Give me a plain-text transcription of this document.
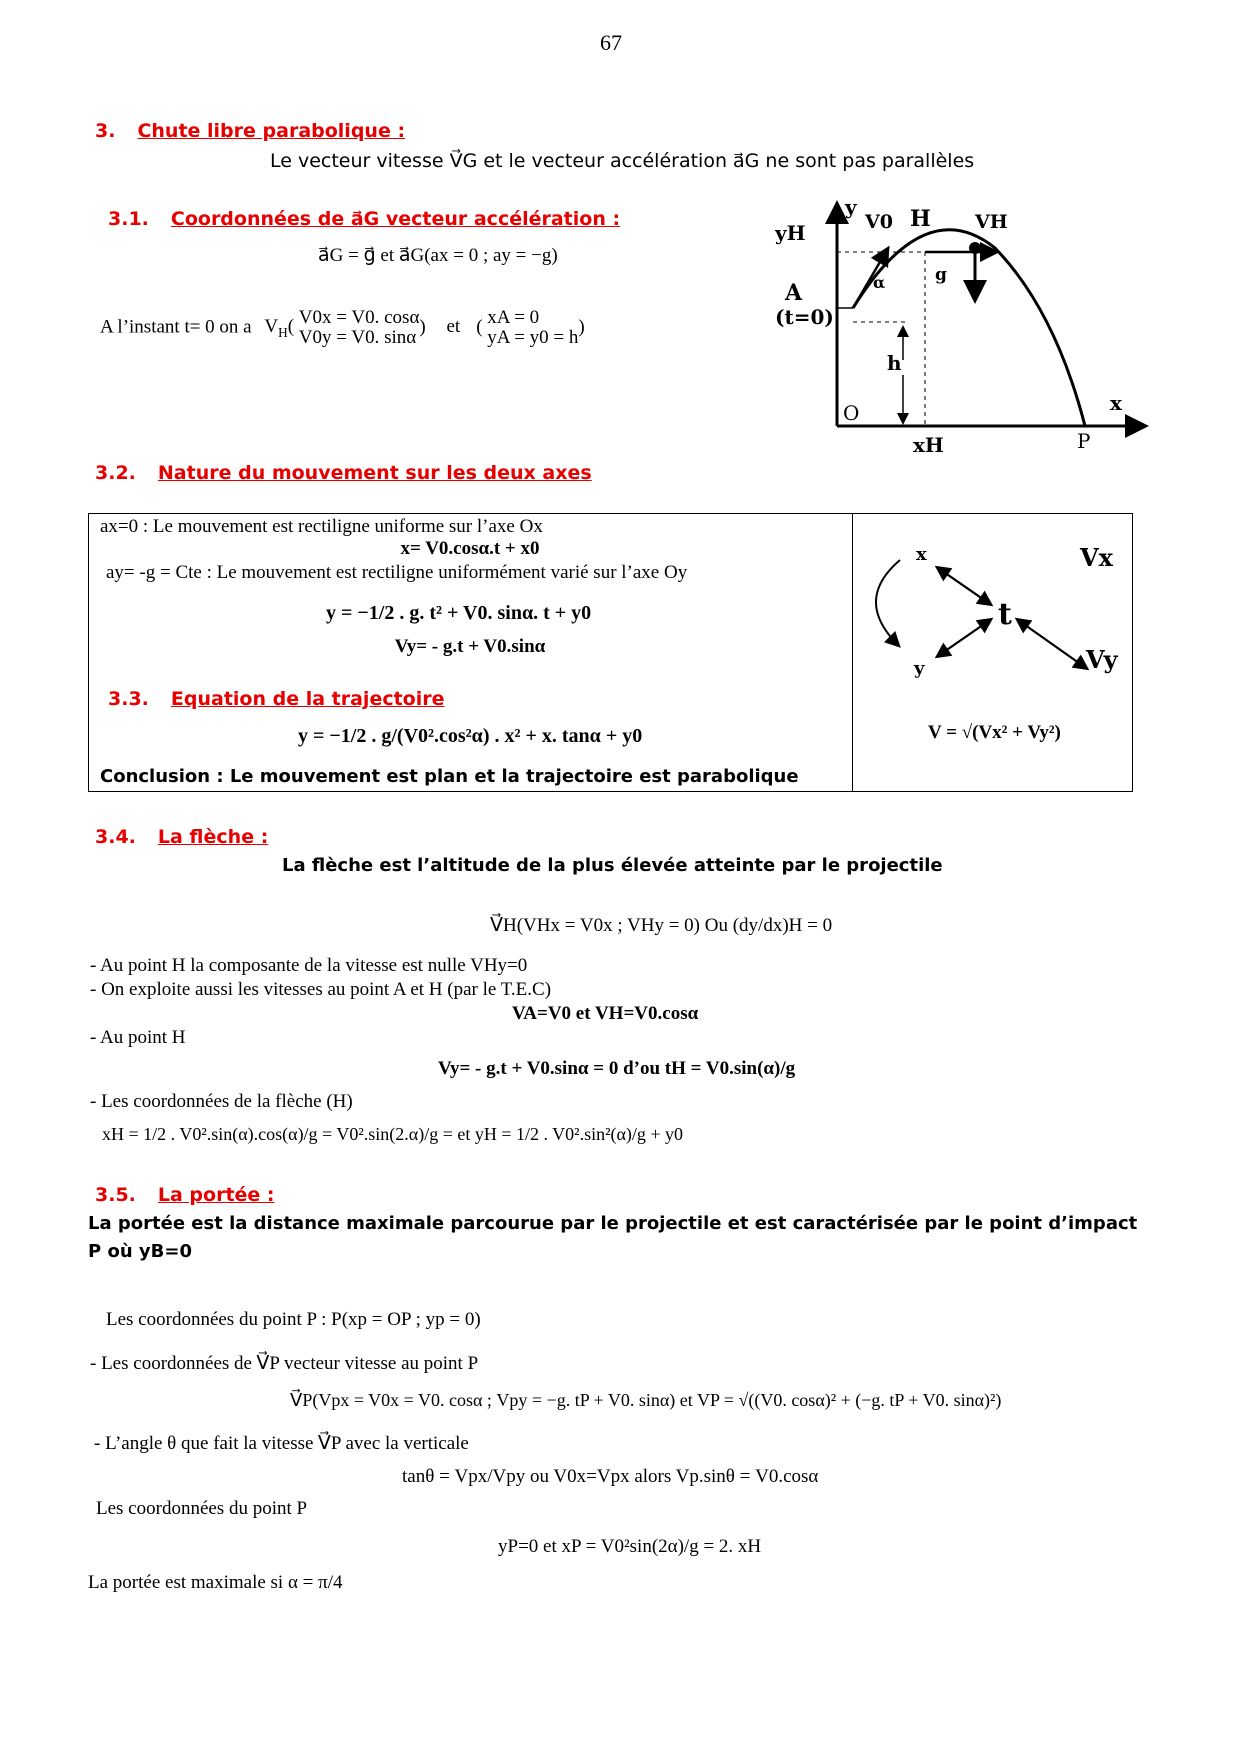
67
3. Chute libre parabolique :
Le vecteur vitesse V⃗G et le vecteur accélération a⃗G ne sont pas parallèles
3.1. Coordonnées de a⃗G vecteur accélération :
a⃗G = g⃗ et a⃗G(ax = 0 ; ay = −g)
A l’instant t= 0 on a $V_H$( V0x = V0. cosα
V0y = V0. sinα
) et ( xA = 0
yA = y0 = h
)
y
yH
H
V0	VH
α	g
A
(t=0)
h
O	x
xH	P
3.2. Nature du mouvement sur les deux axes
ax=0 : Le mouvement est rectiligne uniforme sur l’axe Ox
x= V0.cosα.t + x0
ay= -g = Cte : Le mouvement est rectiligne uniformément varié sur l’axe Oy
y = −1/2 . g. t² + V0. sinα. t + y0
Vy= - g.t + V0.sinα
3.3. Equation de la trajectoire
y = −1/2 . g/(V0².cos²α) . x² + x. tanα + y0
Conclusion : Le mouvement est plan et la trajectoire est parabolique
x
y
t
Vx
Vy
V = √(Vx² + Vy²)
3.4. La flèche :
La flèche est l’altitude de la plus élevée atteinte par le projectile
V⃗H(VHx = V0x ; VHy = 0) Ou (dy/dx)H = 0
- Au point H la composante de la vitesse est nulle VHy=0
- On exploite aussi les vitesses au point A et H (par le T.E.C)
VA=V0 et VH=V0.cosα
- Au point H
Vy= - g.t + V0.sinα = 0 d’ou tH = V0.sin(α)/g
- Les coordonnées de la flèche (H)
xH = 1/2 . V0².sin(α).cos(α)/g = V0².sin(2.α)/g = et yH = 1/2 . V0².sin²(α)/g + y0
3.5. La portée :
La portée est la distance maximale parcourue par le projectile et est caractérisée par le point d’impact P où yB=0
Les coordonnées du point P : P(xp = OP ; yp = 0)
- Les coordonnées de V⃗P vecteur vitesse au point P
V⃗P(Vpx = V0x = V0. cosα ; Vpy = −g. tP + V0. sinα) et VP = √((V0. cosα)² + (−g. tP + V0. sinα)²)
- L’angle θ que fait la vitesse V⃗P avec la verticale
tanθ = Vpx/Vpy ou V0x=Vpx alors Vp.sinθ = V0.cosα
Les coordonnées du point P
yP=0 et xP = V0²sin(2α)/g = 2. xH
La portée est maximale si α = π/4
